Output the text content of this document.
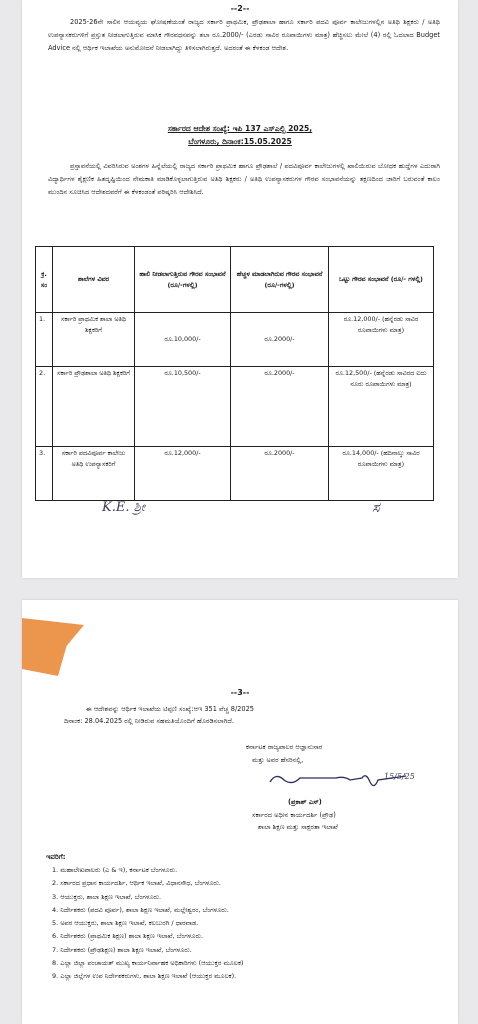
--2--
2025-26ನೇ ಸಾಲಿನ ಆಯವ್ಯಯ ಘೋಷಣೆಯಂತೆ ರಾಜ್ಯದ ಸರ್ಕಾರಿ ಪ್ರಾಥಮಿಕ, ಪ್ರೌಢಶಾಲಾ ಹಾಗೂ ಸರ್ಕಾರಿ ಪದವಿ ಪೂರ್ವ ಕಾಲೇಜುಗಳಲ್ಲಿನ ಅತಿಥಿ ಶಿಕ್ಷಕರು / ಅತಿಥಿ ಉಪನ್ಯಾಸಕರುಗಳಿಗೆ ಪ್ರಸ್ತುತ ನೀಡಲಾಗುತ್ತಿರುವ ಮಾಸಿಕ ಗೌರವಧನವನ್ನು ತಲಾ ರೂ.2000/- (ಎರಡು ಸಾವಿರ ರೂಪಾಯಿಗಳು ಮಾತ್ರ) ಹೆಚ್ಚಿಸಲು ಮೇಲೆ (4) ರಲ್ಲಿ ಓದಲಾದ Budget Advice ನಲ್ಲಿ ಆರ್ಥಿಕ ಇಲಾಖೆಯ ಅನುಮೋದನೆ ನೀಡಲಾಗಿದ್ದು ತಿಳಿಸಲಾಗಿರುತ್ತದೆ. ಅದರಂತೆ ಈ ಕೆಳಕಂಡ ಆದೇಶ.
ಸರ್ಕಾರದ ಆದೇಶ ಸಂಖ್ಯೆ: ಇಪಿ 137 ಎಸ್ಎಲ್ಬಿ 2025,
ಬೆಂಗಳೂರು, ದಿನಾಂಕ:15.05.2025
ಪ್ರಸ್ತಾವನೆಯಲ್ಲಿ ವಿವರಿಸಿರುವ ಅಂಶಗಳ ಹಿನ್ನೆಲೆಯಲ್ಲಿ ರಾಜ್ಯದ ಸರ್ಕಾರಿ ಪ್ರಾಥಮಿಕ ಹಾಗೂ ಪ್ರೌಢಶಾಲೆ / ಪದವಿಪೂರ್ವ ಕಾಲೇಜುಗಳಲ್ಲಿ ಖಾಲಿಯಿರುವ ಬೋಧಕ ಹುದ್ದೆಗಳ ಎದುರಾಗಿ ವಿದ್ಯಾರ್ಥಿಗಳ ಶೈಕ್ಷಣಿಕ ಹಿತದೃಷ್ಟಿಯಿಂದ ನೇಮಕಾತಿ ಮಾಡಿಕೊಳ್ಳಲಾಗುತ್ತಿರುವ ಅತಿಥಿ ಶಿಕ್ಷಕರು / ಅತಿಥಿ ಉಪನ್ಯಾಸಕರುಗಳ ಗೌರವ ಸಂಭಾವನೆಯನ್ನು ತಕ್ಷಣದಿಂದ ಜಾರಿಗೆ ಬರುವಂತೆ ಕಾಲಂ ಮುಂದಿನ ಸೂಚಿಸಿದ ಆದೇಶದವರೆಗೆ ಈ ಕೆಳಕಂಡಂತೆ ಪರಿಷ್ಕರಿಸಿ ಆದೇಶಿಸಿದೆ.
ಕ್ರ. ಸಂ	ಶಾಲೆಗಳ ವಿವರ	ಹಾಲಿ ನೀಡಲಾಗುತ್ತಿರುವ ಗೌರವ ಸಂಭಾವನೆ (ರೂ/-ಗಳಲ್ಲಿ)	ಹೆಚ್ಚಳ ಮಾಡಲಾಗಿರುವ ಗೌರವ ಸಂಭಾವನೆ (ರೂ/-ಗಳಲ್ಲಿ)	ಒಟ್ಟು ಗೌರವ ಸಂಭಾವನೆ (ರೂ/- ಗಳಲ್ಲಿ)
1.	ಸರ್ಕಾರಿ ಪ್ರಾಥಮಿಕ ಶಾಲಾ ಅತಿಥಿ ಶಿಕ್ಷಕರಿಗೆ	ರೂ.10,000/-	ರೂ.2000/-	ರೂ.12,000/- (ಹನ್ನೆರಡು ಸಾವಿರ ರೂಪಾಯಿಗಳು ಮಾತ್ರ)
2.	ಸರ್ಕಾರಿ ಪ್ರೌಢಶಾಲಾ ಅತಿಥಿ ಶಿಕ್ಷಕರಿಗೆ	ರೂ.10,500/-	ರೂ.2000/-	ರೂ.12,500/- (ಹನ್ನೆರಡು ಸಾವಿರದ ಐದು ನೂರು ರೂಪಾಯಿಗಳು ಮಾತ್ರ)
3.	ಸರ್ಕಾರಿ ಪದವಿಪೂರ್ವ ಕಾಲೇಜು ಅತಿಥಿ ಉಪನ್ಯಾಸಕರಿಗೆ	ರೂ.12,000/-	ರೂ.2000/-	ರೂ.14,000/- (ಹದಿನಾಲ್ಕು ಸಾವಿರ ರೂಪಾಯಿಗಳು ಮಾತ್ರ)
K.E. ಶ್ರೀ	ಸ
--3--
ಈ ಆದೇಶವನ್ನು ಆರ್ಥಿಕ ಇಲಾಖೆಯ ಟಿಪ್ಪಣಿ ಸಂಖ್ಯೆ:ಆಇ 351 ವೆಚ್ಚ 8/2025
ದಿನಾಂಕ: 28.04.2025 ರಲ್ಲಿ ನೀಡಿರುವ ಸಹಮತಿಯೊಂದಿಗೆ ಹೊರಡಿಸಲಾಗಿದೆ.
ಕರ್ನಾಟಕ ರಾಜ್ಯಪಾಲರ ಆಜ್ಞಾನುಸಾರ
ಮತ್ತು ಅವರ ಹೆಸರಿನಲ್ಲಿ,
15/5/25
(ಪ್ರಕಾಶ್ ಎಸ್)
ಸರ್ಕಾರದ ಅಧೀನ ಕಾರ್ಯದರ್ಶಿ (ಪ್ರೌಢ)
ಶಾಲಾ ಶಿಕ್ಷಣ ಮತ್ತು ಸಾಕ್ಷರತಾ ಇಲಾಖೆ
ಇವರಿಗೆ:
1. ಮಹಾಲೇಖಪಾಲರು (ಎ & ಇ), ಕರ್ನಾಟಕ ಬೆಂಗಳೂರು.
2. ಸರ್ಕಾರದ ಪ್ರಧಾನ ಕಾರ್ಯದರ್ಶಿ, ಆರ್ಥಿಕ ಇಲಾಖೆ, ವಿಧಾನಸೌಧ, ಬೆಂಗಳೂರು.
3. ಆಯುಕ್ತರು, ಶಾಲಾ ಶಿಕ್ಷಣ ಇಲಾಖೆ, ಬೆಂಗಳೂರು.
4. ನಿರ್ದೇಶಕರು (ಪದವಿ ಪೂರ್ವ), ಶಾಲಾ ಶಿಕ್ಷಣ ಇಲಾಖೆ, ಮಲ್ಲೇಶ್ವರಂ, ಬೆಂಗಳೂರು.
5. ಅಪರ ಆಯುಕ್ತರು, ಶಾಲಾ ಶಿಕ್ಷಣ ಇಲಾಖೆ, ಕಲಬುರಗಿ / ಧಾರವಾಡ.
6. ನಿರ್ದೇಶಕರು (ಪ್ರಾಥಮಿಕ ಶಿಕ್ಷಣ) ಶಾಲಾ ಶಿಕ್ಷಣ ಇಲಾಖೆ, ಬೆಂಗಳೂರು.
7. ನಿರ್ದೇಶಕರು (ಪ್ರೌಢಶಿಕ್ಷಣ) ಶಾಲಾ ಶಿಕ್ಷಣ ಇಲಾಖೆ, ಬೆಂಗಳೂರು.
8. ಎಲ್ಲಾ ಜಿಲ್ಲಾ ಪಂಚಾಯತ್ ಮುಖ್ಯ ಕಾರ್ಯನಿರ್ವಾಹಕ ಅಧಿಕಾರಿಗಳು (ಆಯುಕ್ತರ ಮೂಲಕ)
9. ಎಲ್ಲಾ ಜಿಲ್ಲೆಗಳ ಉಪ ನಿರ್ದೇಶಕರುಗಳು, ಶಾಲಾ ಶಿಕ್ಷಣ ಇಲಾಖೆ (ಆಯುಕ್ತರ ಮೂಲಕ).
